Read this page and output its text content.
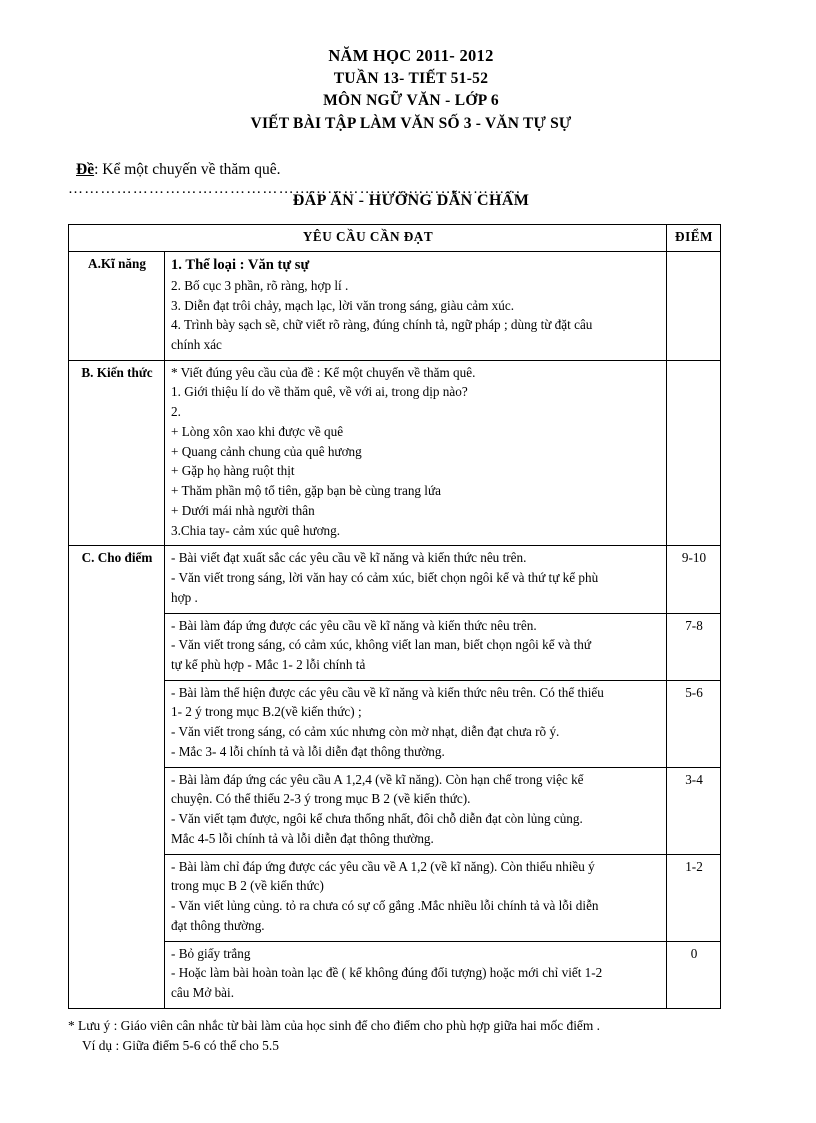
NĂM HỌC 2011- 2012
TUẦN 13- TIẾT 51-52
MÔN NGỮ VĂN - LỚP 6
VIẾT BÀI TẬP LÀM VĂN SỐ 3 - VĂN TỰ SỰ
Đề: Kể một chuyến về thăm quê.
…………………………………………………………………………
ĐÁP ÁN - HƯỚNG DẪN CHẤM
YÊU CẦU CẦN ĐẠT		ĐIỂM
A.Kĩ năng	1. Thể loại : Văn tự sự

2. Bố cục 3 phần, rõ ràng, hợp lí .

3. Diễn đạt trôi chảy, mạch lạc, lời văn trong sáng, giàu cảm xúc.

4. Trình bày sạch sẽ, chữ viết rõ ràng, đúng chính tả, ngữ pháp ; dùng từ đặt câu

chính xác	

B. Kiến thức	* Viết đúng yêu cầu của đề : Kể một chuyến về thăm quê.

1. Giới thiệu lí do về thăm quê, về với ai, trong dịp nào?

2.

+ Lòng xôn xao khi được về quê

+ Quang cảnh chung của quê hương

+ Gặp họ hàng ruột thịt

+ Thăm phần mộ tổ tiên, gặp bạn bè cùng trang lứa

+ Dưới mái nhà người thân

3.Chia tay- cảm xúc quê hương.

C. Cho điểm	- Bài viết đạt xuất sắc các yêu cầu về kĩ năng và kiến thức nêu trên.

- Văn viết trong sáng, lời văn hay có cảm xúc, biết chọn ngôi kể và thứ tự kể phù

hợp .	9-10

	- Bài làm đáp ứng được các yêu cầu về kĩ năng và kiến thức nêu trên.

- Văn viết trong sáng, có cảm xúc, không viết lan man, biết chọn ngôi kể và thứ

tự kể phù hợp - Mắc 1- 2 lỗi chính tả	7-8

	- Bài làm thể hiện được các yêu cầu về kĩ năng và kiến thức nêu trên. Có thể thiếu

1- 2 ý trong mục B.2(về kiến thức) ;

- Văn viết trong sáng, có cảm xúc nhưng còn mờ nhạt, diễn đạt chưa rõ ý.

- Mắc 3- 4 lỗi chính tả và lỗi diễn đạt thông thường.	5-6

	- Bài làm đáp ứng các yêu cầu A 1,2,4 (về kĩ năng). Còn hạn chế trong việc kể

chuyện. Có thể thiếu 2-3 ý trong mục B 2 (về kiến thức).

- Văn viết tạm được, ngôi kể chưa thống nhất, đôi chỗ diễn đạt còn lủng củng.

Mắc 4-5 lỗi chính tả và lỗi diễn đạt thông thường.	3-4

	- Bài làm chỉ đáp ứng được các yêu cầu về A 1,2 (về kĩ năng). Còn thiếu nhiều ý

trong mục B 2 (về kiến thức)

- Văn viết lủng củng. tỏ ra chưa có sự cố gắng .Mắc nhiều lỗi chính tả và lỗi diễn

đạt thông thường.	1-2

	- Bỏ giấy trắng

- Hoặc làm bài hoàn toàn lạc đề ( kể không đúng đối tượng) hoặc mới chỉ viết 1-2

câu Mở bài.	0
* Lưu ý : Giáo viên cân nhắc từ bài làm của học sinh để cho điểm cho phù hợp giữa hai mốc điểm .
Ví dụ : Giữa điểm 5-6 có thể cho 5.5
